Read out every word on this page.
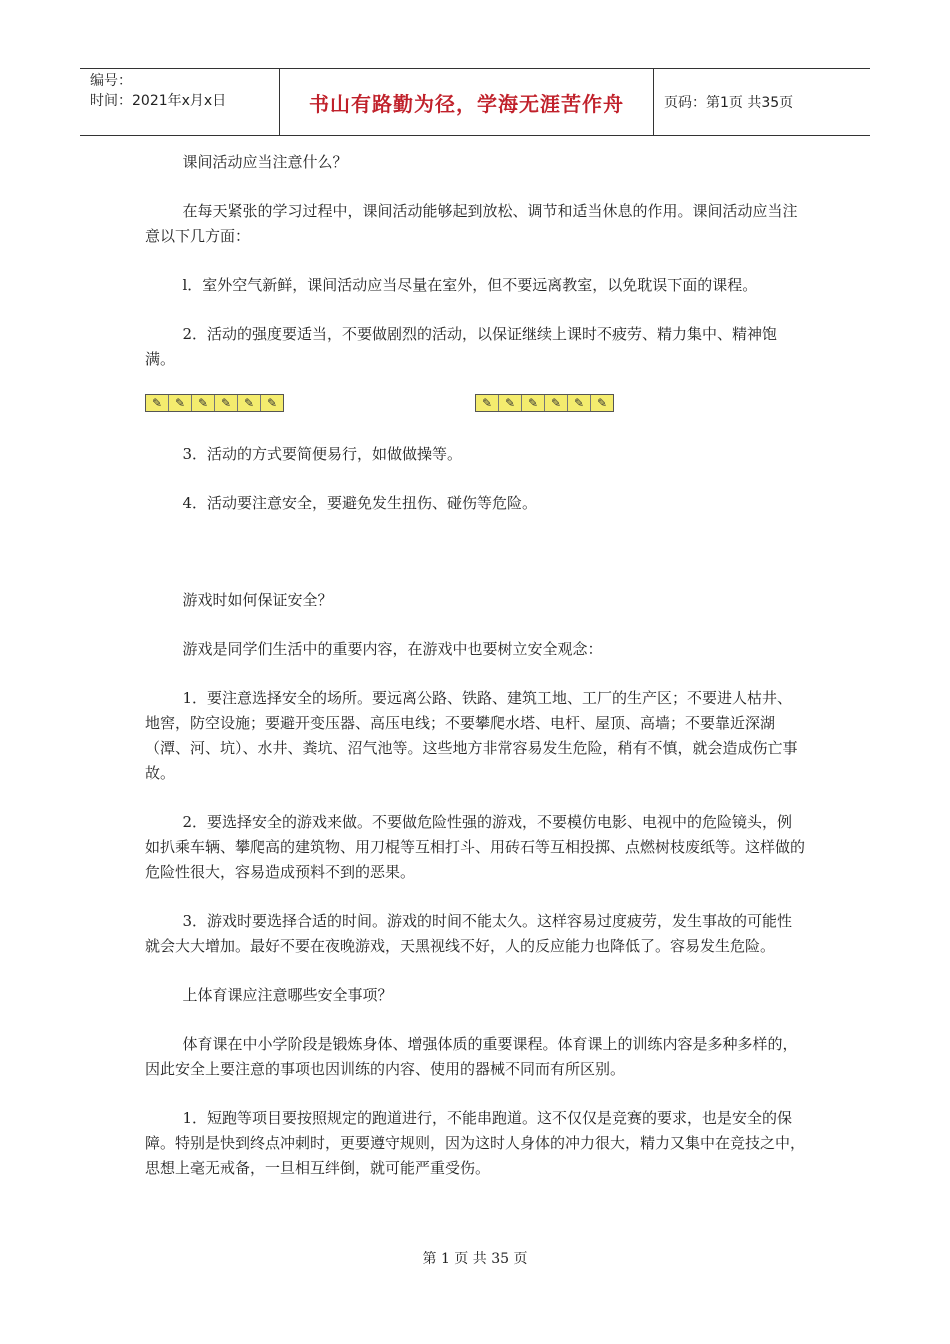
编号：
时间：2021年x月x日	书山有路勤为径，学海无涯苦作舟	页码：第1页 共35页

课间活动应当注意什么？

在每天紧张的学习过程中，课间活动能够起到放松、调节和适当休息的作用。课间活动应当注意以下几方面：

l．室外空气新鲜，课间活动应当尽量在室外，但不要远离教室，以免耽误下面的课程。

2．活动的强度要适当，不要做剧烈的活动，以保证继续上课时不疲劳、精力集中、精神饱满。

✎	✎	✎	✎	✎	✎	✎	✎	✎	✎	✎	✎

3．活动的方式要简便易行，如做做操等。

4．活动要注意安全，要避免发生扭伤、碰伤等危险。

游戏时如何保证安全？

游戏是同学们生活中的重要内容，在游戏中也要树立安全观念：

1．要注意选择安全的场所。要远离公路、铁路、建筑工地、工厂的生产区；不要进人枯井、地窖，防空设施；要避开变压器、高压电线；不要攀爬水塔、电杆、屋顶、高墙；不要靠近深湖（潭、河、坑）、水井、粪坑、沼气池等。这些地方非常容易发生危险，稍有不慎，就会造成伤亡事故。

2．要选择安全的游戏来做。不要做危险性强的游戏，不要模仿电影、电视中的危险镜头，例如扒乘车辆、攀爬高的建筑物、用刀棍等互相打斗、用砖石等互相投掷、点燃树枝废纸等。这样做的危险性很大，容易造成预料不到的恶果。

3．游戏时要选择合适的时间。游戏的时间不能太久。这样容易过度疲劳，发生事故的可能性就会大大增加。最好不要在夜晚游戏，天黑视线不好，人的反应能力也降低了。容易发生危险。

上体育课应注意哪些安全事项？

体育课在中小学阶段是锻炼身体、增强体质的重要课程。体育课上的训练内容是多种多样的，因此安全上要注意的事项也因训练的内容、使用的器械不同而有所区别。

1．短跑等项目要按照规定的跑道进行，不能串跑道。这不仅仅是竞赛的要求，也是安全的保障。特别是快到终点冲刺时，更要遵守规则，因为这时人身体的冲力很大，精力又集中在竞技之中，思想上毫无戒备，一旦相互绊倒，就可能严重受伤。

第 1 页 共 35 页
